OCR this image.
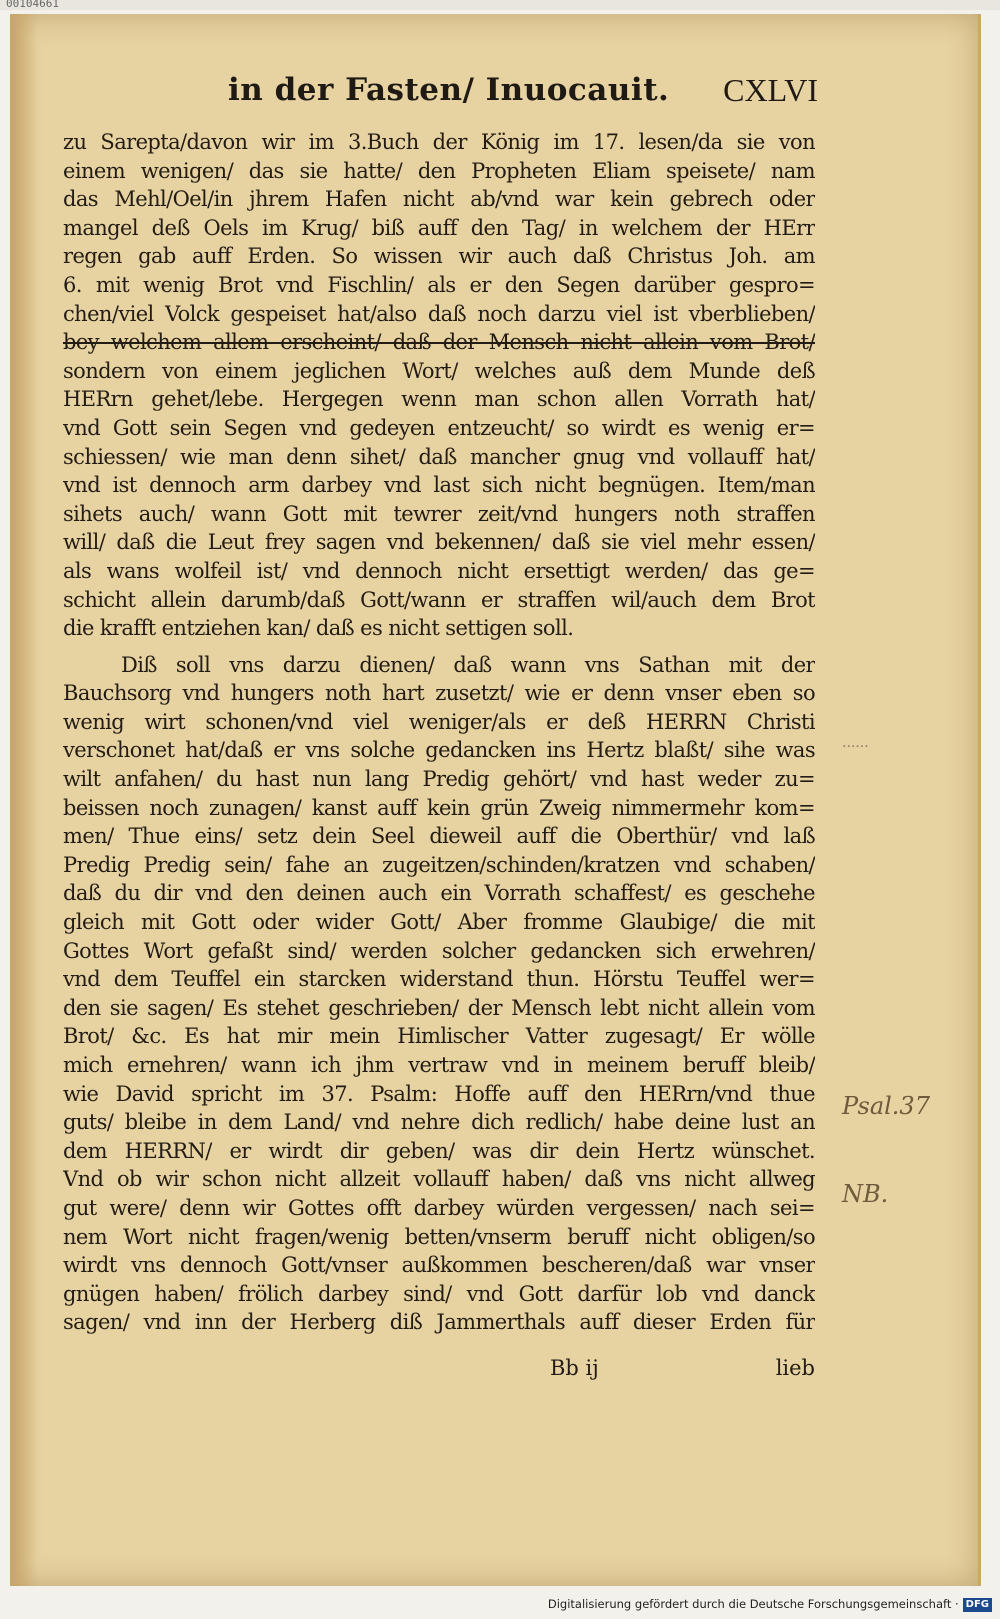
00104661
in der Fasten/ Inuocauit. CXLVI
zu Sarepta/davon wir im 3.Buch der König im 17. lesen/da sie von
einem wenigen/ das sie hatte/ den Propheten Eliam speisete/ nam
das Mehl/Oel/in jhrem Hafen nicht ab/vnd war kein gebrech oder
mangel deß Oels im Krug/ biß auff den Tag/ in welchem der HErr
regen gab auff Erden. So wissen wir auch daß Christus Joh. am
6. mit wenig Brot vnd Fischlin/ als er den Segen darüber gespro=
chen/viel Volck gespeiset hat/also daß noch darzu viel ist vberblieben/
bey welchem allem erscheint/ daß der Mensch nicht allein vom Brot/
sondern von einem jeglichen Wort/ welches auß dem Munde deß
HERrn gehet/lebe. Hergegen wenn man schon allen Vorrath hat/
vnd Gott sein Segen vnd gedeyen entzeucht/ so wirdt es wenig er=
schiessen/ wie man denn sihet/ daß mancher gnug vnd vollauff hat/
vnd ist dennoch arm darbey vnd last sich nicht begnügen. Item/man
sihets auch/ wann Gott mit tewrer zeit/vnd hungers noth straffen
will/ daß die Leut frey sagen vnd bekennen/ daß sie viel mehr essen/
als wans wolfeil ist/ vnd dennoch nicht ersettigt werden/ das ge=
schicht allein darumb/daß Gott/wann er straffen wil/auch dem Brot
die krafft entziehen kan/ daß es nicht settigen soll.
Diß soll vns darzu dienen/ daß wann vns Sathan mit der
Bauchsorg vnd hungers noth hart zusetzt/ wie er denn vnser eben so
wenig wirt schonen/vnd viel weniger/als er deß HERRN Christi
verschonet hat/daß er vns solche gedancken ins Hertz blaßt/ sihe was
wilt anfahen/ du hast nun lang Predig gehört/ vnd hast weder zu=
beissen noch zunagen/ kanst auff kein grün Zweig nimmermehr kom=
men/ Thue eins/ setz dein Seel dieweil auff die Oberthür/ vnd laß
Predig Predig sein/ fahe an zugeitzen/schinden/kratzen vnd schaben/
daß du dir vnd den deinen auch ein Vorrath schaffest/ es geschehe
gleich mit Gott oder wider Gott/ Aber fromme Glaubige/ die mit
Gottes Wort gefaßt sind/ werden solcher gedancken sich erwehren/
vnd dem Teuffel ein starcken widerstand thun. Hörstu Teuffel wer=
den sie sagen/ Es stehet geschrieben/ der Mensch lebt nicht allein vom
Brot/ &c. Es hat mir mein Himlischer Vatter zugesagt/ Er wölle
mich ernehren/ wann ich jhm vertraw vnd in meinem beruff bleib/
wie David spricht im 37. Psalm: Hoffe auff den HERrn/vnd thue
guts/ bleibe in dem Land/ vnd nehre dich redlich/ habe deine lust an
dem HERRN/ er wirdt dir geben/ was dir dein Hertz wünschet.
Vnd ob wir schon nicht allzeit vollauff haben/ daß vns nicht allweg
gut were/ denn wir Gottes offt darbey würden vergessen/ nach sei=
nem Wort nicht fragen/wenig betten/vnserm beruff nicht obligen/so
wirdt vns dennoch Gott/vnser außkommen bescheren/daß war vnser
gnügen haben/ frölich darbey sind/ vnd Gott darfür lob vnd danck
sagen/ vnd inn der Herberg diß Jammerthals auff dieser Erden für
Bb ij	lieb
......
Psal.37
NB.
Digitalisierung gefördert durch die Deutsche Forschungsgemeinschaft · DFG
